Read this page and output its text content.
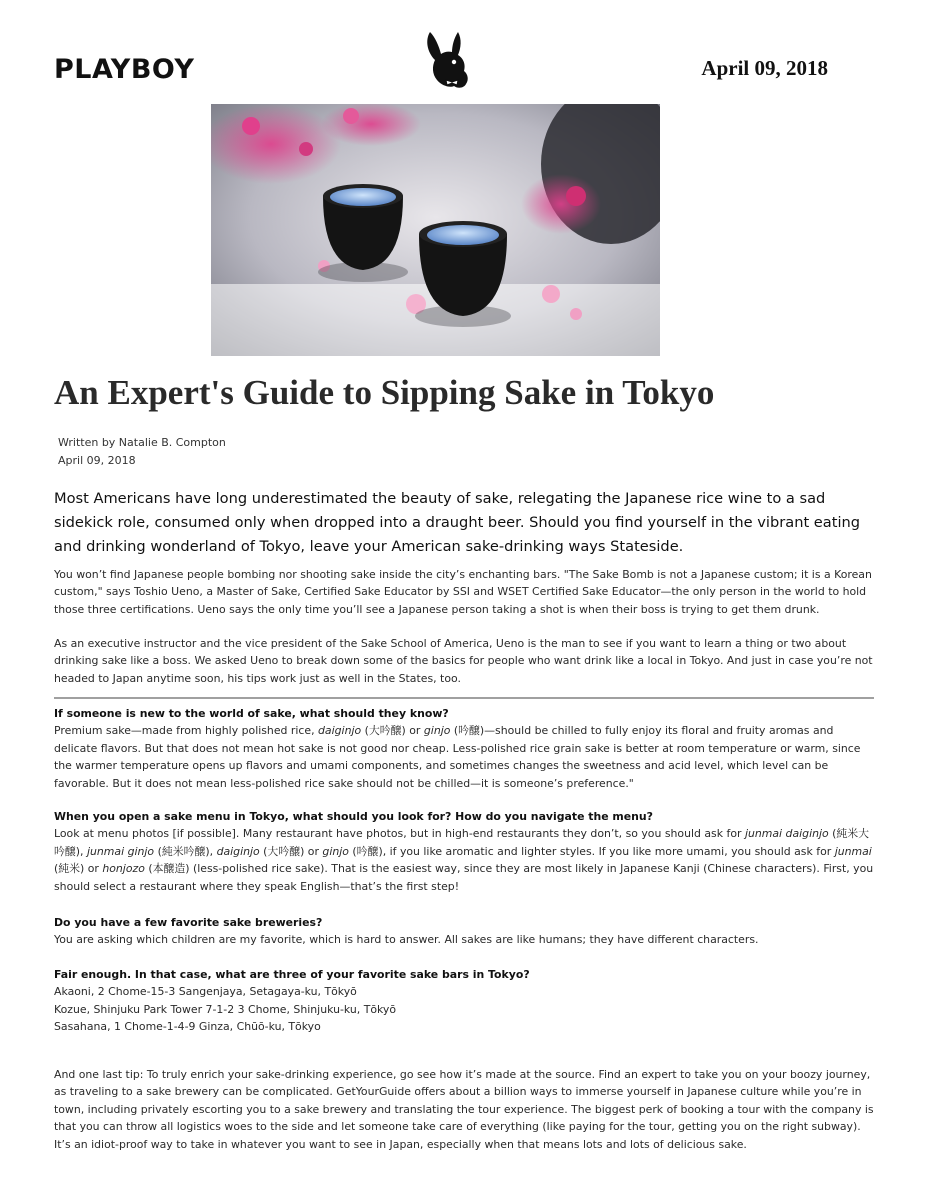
PLAYBOY	April 09, 2018
An Expert's Guide to Sipping Sake in Tokyo
Written by Natalie B. Compton
April 09, 2018

Most Americans have long underestimated the beauty of sake, relegating the Japanese rice wine to a sad sidekick role, consumed only when dropped into a draught beer. Should you find yourself in the vibrant eating and drinking wonderland of Tokyo, leave your American sake-drinking ways Stateside.

You won’t find Japanese people bombing nor shooting sake inside the city’s enchanting bars. "The Sake Bomb is not a Japanese custom; it is a Korean custom," says Toshio Ueno, a Master of Sake, Certified Sake Educator by SSI and WSET Certified Sake Educator—the only person in the world to hold those three certifications. Ueno says the only time you’ll see a Japanese person taking a shot is when their boss is trying to get them drunk.

As an executive instructor and the vice president of the Sake School of America, Ueno is the man to see if you want to learn a thing or two about drinking sake like a boss. We asked Ueno to break down some of the basics for people who want drink like a local in Tokyo. And just in case you’re not headed to Japan anytime soon, his tips work just as well in the States, too.

If someone is new to the world of sake, what should they know?

Premium sake—made from highly polished rice, daiginjo (大吟醸) or ginjo (吟醸)—should be chilled to fully enjoy its floral and fruity aromas and delicate flavors. But that does not mean hot sake is not good nor cheap. Less-polished rice grain sake is better at room temperature or warm, since the warmer temperature opens up flavors and umami components, and sometimes changes the sweetness and acid level, which level can be favorable. But it does not mean less-polished rice sake should not be chilled—it is someone’s preference."

When you open a sake menu in Tokyo, what should you look for? How do you navigate the menu?

Look at menu photos [if possible]. Many restaurant have photos, but in high-end restaurants they don’t, so you should ask for junmai daiginjo (純米大吟醸), junmai ginjo (純米吟醸), daiginjo (大吟醸) or ginjo (吟醸), if you like aromatic and lighter styles. If you like more umami, you should ask for junmai (純米) or honjozo (本醸造) (less-polished rice sake). That is the easiest way, since they are most likely in Japanese Kanji (Chinese characters). First, you should select a restaurant where they speak English—that’s the first step!

Do you have a few favorite sake breweries?

You are asking which children are my favorite, which is hard to answer. All sakes are like humans; they have different characters.

Fair enough. In that case, what are three of your favorite sake bars in Tokyo?

Akaoni, 2 Chome-15-3 Sangenjaya, Setagaya-ku, Tōkyō

Kozue, Shinjuku Park Tower 7-1-2 3 Chome, Shinjuku-ku, Tōkyō

Sasahana, 1 Chome-1-4-9 Ginza, Chūō-ku, Tōkyo

And one last tip: To truly enrich your sake-drinking experience, go see how it’s made at the source. Find an expert to take you on your boozy journey, as traveling to a sake brewery can be complicated. GetYourGuide offers about a billion ways to immerse yourself in Japanese culture while you’re in town, including privately escorting you to a sake brewery and translating the tour experience. The biggest perk of booking a tour with the company is that you can throw all logistics woes to the side and let someone take care of everything (like paying for the tour, getting you on the right subway). It’s an idiot-proof way to take in whatever you want to see in Japan, especially when that means lots and lots of delicious sake.
